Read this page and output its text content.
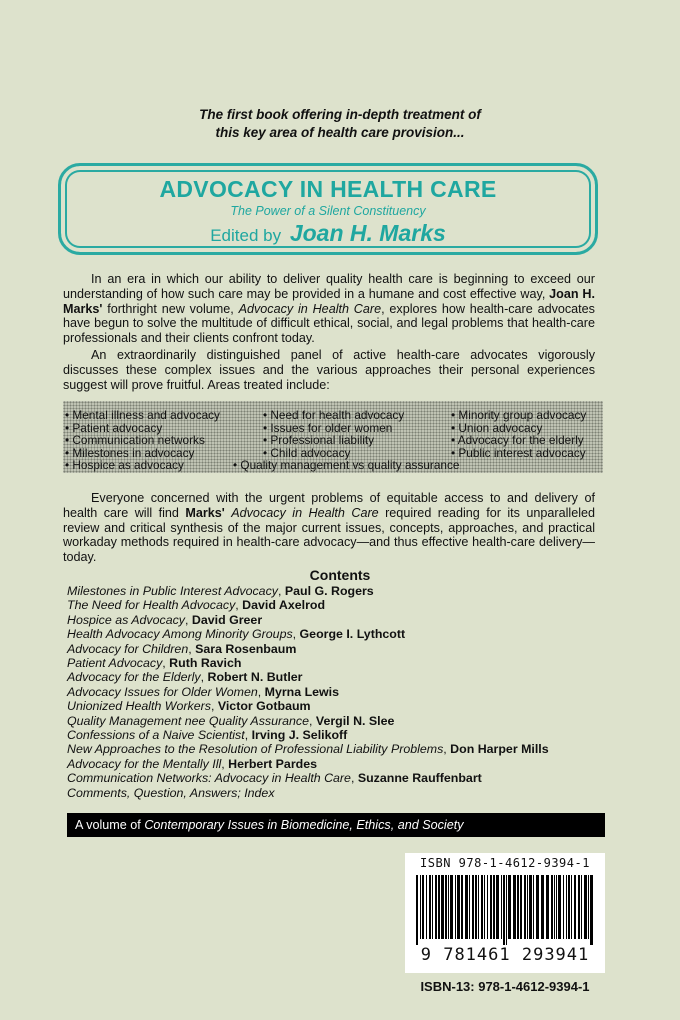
The first book offering in-depth treatment of
this key area of health care provision...
ADVOCACY IN HEALTH CARE
The Power of a Silent Constituency
Edited by Joan H. Marks

In an era in which our ability to deliver quality health care is beginning to exceed our understanding of how such care may be provided in a humane and cost effective way, Joan H. Marks' forthright new volume, Advocacy in Health Care, explores how health-care advocates have begun to solve the multitude of difficult ethical, social, and legal problems that health-care professionals and their clients confront today.

An extraordinarily distinguished panel of active health-care advocates vigorously discusses these complex issues and the various approaches their personal experiences suggest will prove fruitful. Areas treated include:

• Mental illness and advocacy
• Patient advocacy
• Communication networks
• Milestones in advocacy
• Hospice as advocacy
• Need for health advocacy
• Issues for older women
• Professional liability
• Child advocacy
• Minority group advocacy
• Union advocacy
• Advocacy for the elderly
• Public interest advocacy
• Quality management vs quality assurance

Everyone concerned with the urgent problems of equitable access to and delivery of health care will find Marks' Advocacy in Health Care required reading for its unparalleled review and critical synthesis of the major current issues, concepts, approaches, and practical workaday methods required in health-care advocacy—and thus effective health-care delivery—today.

Contents
Milestones in Public Interest Advocacy, Paul G. Rogers
The Need for Health Advocacy, David Axelrod
Hospice as Advocacy, David Greer
Health Advocacy Among Minority Groups, George I. Lythcott
Advocacy for Children, Sara Rosenbaum
Patient Advocacy, Ruth Ravich
Advocacy for the Elderly, Robert N. Butler
Advocacy Issues for Older Women, Myrna Lewis
Unionized Health Workers, Victor Gotbaum
Quality Management nee Quality Assurance, Vergil N. Slee
Confessions of a Naive Scientist, Irving J. Selikoff
New Approaches to the Resolution of Professional Liability Problems, Don Harper Mills
Advocacy for the Mentally Ill, Herbert Pardes
Communication Networks: Advocacy in Health Care, Suzanne Rauffenbart
Comments, Question, Answers; Index
A volume of Contemporary Issues in Biomedicine, Ethics, and Society
ISBN 978-1-4612-9394-1
9 781461 293941
ISBN-13: 978-1-4612-9394-1
